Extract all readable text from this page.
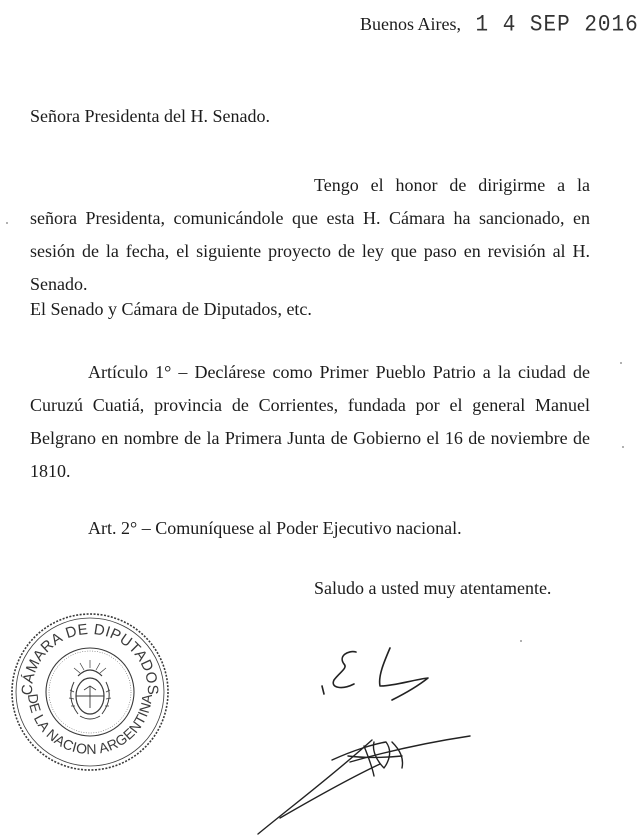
Buenos Aires, 1 4 SEP 2016
Señora Presidenta del H. Senado.
Tengo el honor de dirigirme a la señora Presidenta, comunicándole que esta H. Cámara ha sancionado, en sesión de la fecha, el siguiente proyecto de ley que paso en revisión al H. Senado.
El Senado y Cámara de Diputados, etc.
Artículo 1° – Declárese como Primer Pueblo Patrio a la ciudad de Curuzú Cuatiá, provincia de Corrientes, fundada por el general Manuel Belgrano en nombre de la Primera Junta de Gobierno el 16 de noviembre de 1810.
Art. 2° – Comuníquese al Poder Ejecutivo nacional.
Saludo a usted muy atentamente.
CÁMARA DE DIPUTADOS
DE LA NACION ARGENTINA
